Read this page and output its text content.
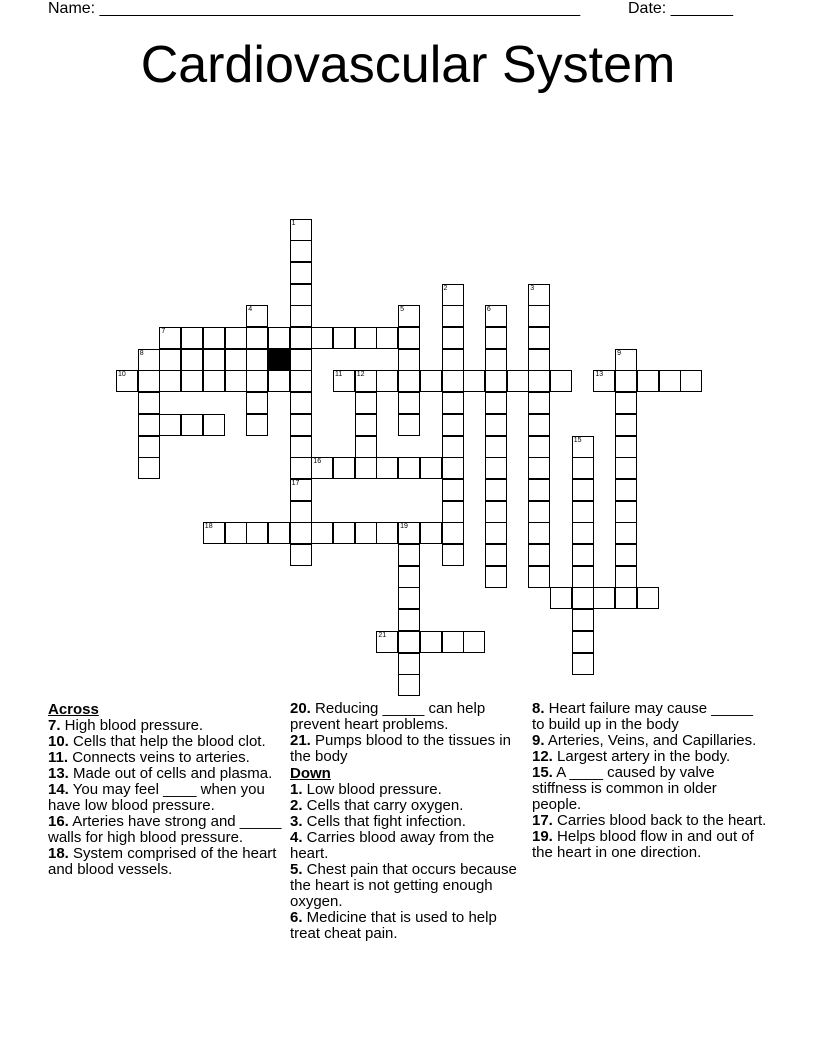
Name: ______________________________________________________	Date: _______
Cardiovascular System
1
17
7
8
10	11 12	13
4	5
2
6
3
9
16
15
18	19
21
Across

7. High blood pressure.

10. Cells that help the blood clot.

11. Connects veins to arteries.

13. Made out of cells and plasma.

14. You may feel ____ when you have low blood pressure.

16. Arteries have strong and _____ walls for high blood pressure.

18. System comprised of the heart and blood vessels.

20. Reducing _____ can help prevent heart problems.

21. Pumps blood to the tissues in the body

Down

1. Low blood pressure.

2. Cells that carry oxygen.

3. Cells that fight infection.

4. Carries blood away from the heart.

5. Chest pain that occurs because the heart is not getting enough oxygen.

6. Medicine that is used to help treat cheat pain.

8. Heart failure may cause _____ to build up in the body

9. Arteries, Veins, and Capillaries.

12. Largest artery in the body.

15. A ____ caused by valve stiffness is common in older people.

17. Carries blood back to the heart.

19. Helps blood flow in and out of the heart in one direction.
